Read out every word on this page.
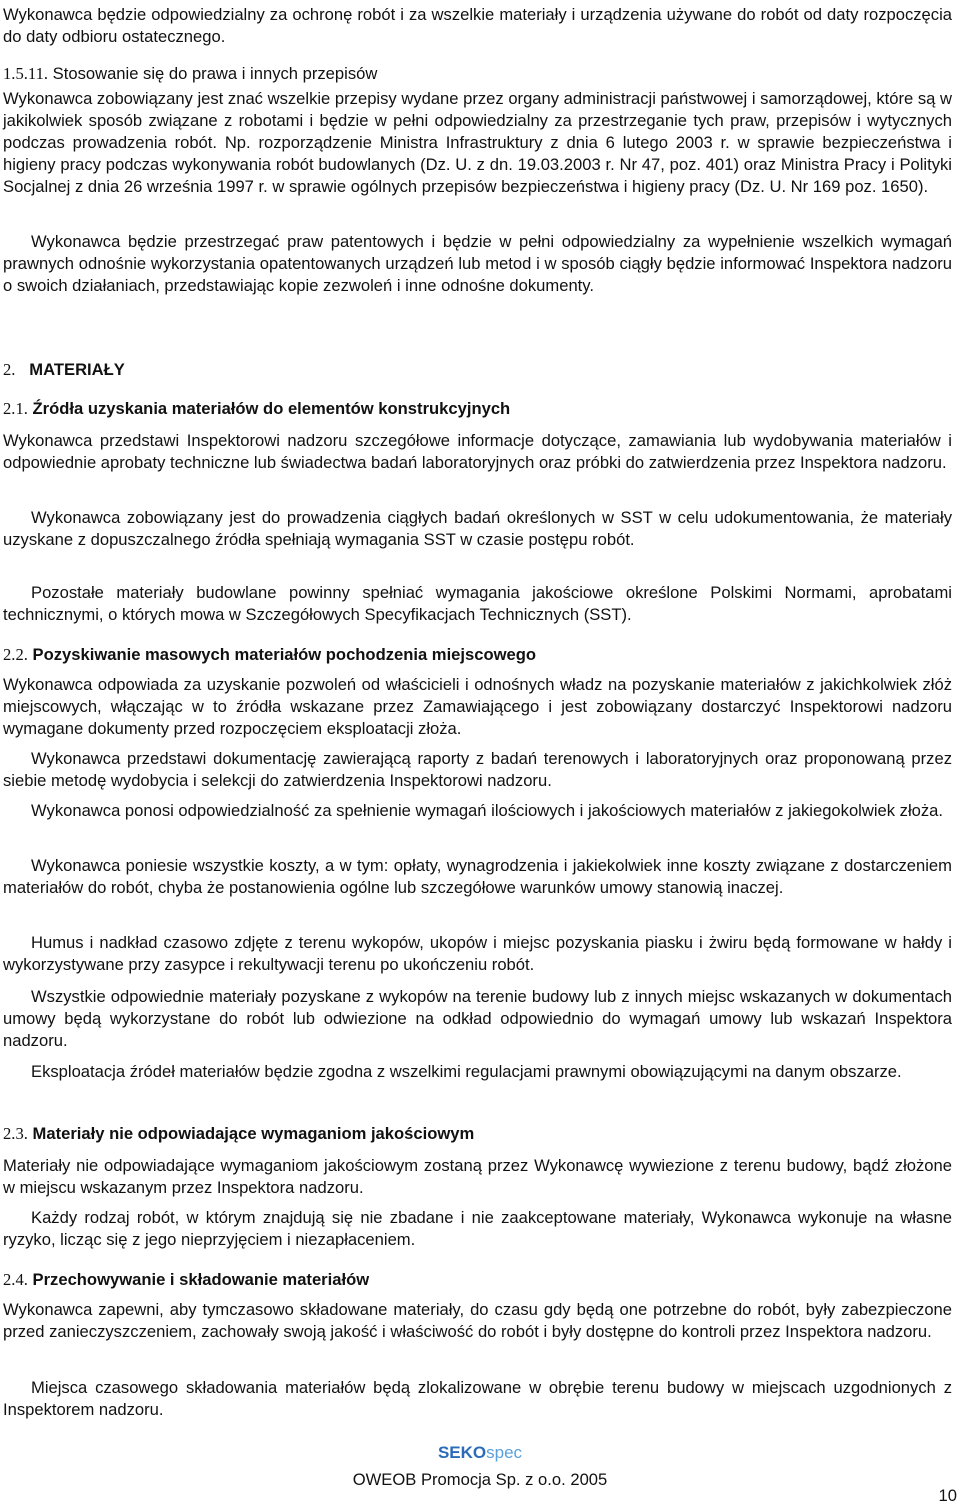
Wykonawca będzie odpowiedzialny za ochronę robót i za wszelkie materiały i urządzenia używane do robót od daty rozpoczęcia do daty odbioru ostatecznego.

1.5.11. Stosowanie się do prawa i innych przepisów

Wykonawca zobowiązany jest znać wszelkie przepisy wydane przez organy administracji państwowej i samorządowej, które są w jakikolwiek sposób związane z robotami i będzie w pełni odpowiedzialny za przestrzeganie tych praw, przepisów i wytycznych podczas prowadzenia robót. Np. rozporządzenie Ministra Infrastruktury z dnia 6 lutego 2003 r. w sprawie bezpieczeństwa i higieny pracy podczas wykonywania robót budowlanych (Dz. U. z dn. 19.03.2003 r. Nr 47, poz. 401) oraz Ministra Pracy i Polityki Socjalnej z dnia 26 września 1997 r. w sprawie ogólnych przepisów bezpieczeństwa i higieny pracy (Dz. U. Nr 169 poz. 1650).

Wykonawca będzie przestrzegać praw patentowych i będzie w pełni odpowiedzialny za wypełnienie wszelkich wymagań prawnych odnośnie wykorzystania opatentowanych urządzeń lub metod i w sposób ciągły będzie informować Inspektora nadzoru o swoich działaniach, przedstawiając kopie zezwoleń i inne odnośne dokumenty.

2. MATERIAŁY
2.1. Źródła uzyskania materiałów do elementów konstrukcyjnych

Wykonawca przedstawi Inspektorowi nadzoru szczegółowe informacje dotyczące, zamawiania lub wydobywania materiałów i odpowiednie aprobaty techniczne lub świadectwa badań laboratoryjnych oraz próbki do zatwierdzenia przez Inspektora nadzoru.

Wykonawca zobowiązany jest do prowadzenia ciągłych badań określonych w SST w celu udokumentowania, że materiały uzyskane z dopuszczalnego źródła spełniają wymagania SST w czasie postępu robót.

Pozostałe materiały budowlane powinny spełniać wymagania jakościowe określone Polskimi Normami, aprobatami technicznymi, o których mowa w Szczegółowych Specyfikacjach Technicznych (SST).

2.2. Pozyskiwanie masowych materiałów pochodzenia miejscowego

Wykonawca odpowiada za uzyskanie pozwoleń od właścicieli i odnośnych władz na pozyskanie materiałów z jakichkolwiek złóż miejscowych, włączając w to źródła wskazane przez Zamawiającego i jest zobowiązany dostarczyć Inspektorowi nadzoru wymagane dokumenty przed rozpoczęciem eksploatacji złoża.

Wykonawca przedstawi dokumentację zawierającą raporty z badań terenowych i laboratoryjnych oraz proponowaną przez siebie metodę wydobycia i selekcji do zatwierdzenia Inspektorowi nadzoru.

Wykonawca ponosi odpowiedzialność za spełnienie wymagań ilościowych i jakościowych materiałów z jakiegokolwiek złoża.

Wykonawca poniesie wszystkie koszty, a w tym: opłaty, wynagrodzenia i jakiekolwiek inne koszty związane z dostarczeniem materiałów do robót, chyba że postanowienia ogólne lub szczegółowe warunków umowy stanowią inaczej.

Humus i nadkład czasowo zdjęte z terenu wykopów, ukopów i miejsc pozyskania piasku i żwiru będą formowane w hałdy i wykorzystywane przy zasypce i rekultywacji terenu po ukończeniu robót.

Wszystkie odpowiednie materiały pozyskane z wykopów na terenie budowy lub z innych miejsc wskazanych w dokumentach umowy będą wykorzystane do robót lub odwiezione na odkład odpowiednio do wymagań umowy lub wskazań Inspektora nadzoru.

Eksploatacja źródeł materiałów będzie zgodna z wszelkimi regulacjami prawnymi obowiązującymi na danym obszarze.

2.3. Materiały nie odpowiadające wymaganiom jakościowym

Materiały nie odpowiadające wymaganiom jakościowym zostaną przez Wykonawcę wywiezione z terenu budowy, bądź złożone w miejscu wskazanym przez Inspektora nadzoru.

Każdy rodzaj robót, w którym znajdują się nie zbadane i nie zaakceptowane materiały, Wykonawca wykonuje na własne ryzyko, licząc się z jego nieprzyjęciem i niezapłaceniem.

2.4. Przechowywanie i składowanie materiałów

Wykonawca zapewni, aby tymczasowo składowane materiały, do czasu gdy będą one potrzebne do robót, były zabezpieczone przed zanieczyszczeniem, zachowały swoją jakość i właściwość do robót i były dostępne do kontroli przez Inspektora nadzoru.

Miejsca czasowego składowania materiałów będą zlokalizowane w obrębie terenu budowy w miejscach uzgodnionych z Inspektorem nadzoru.

SEKOspec
OWEOB Promocja Sp. z o.o. 2005
10
